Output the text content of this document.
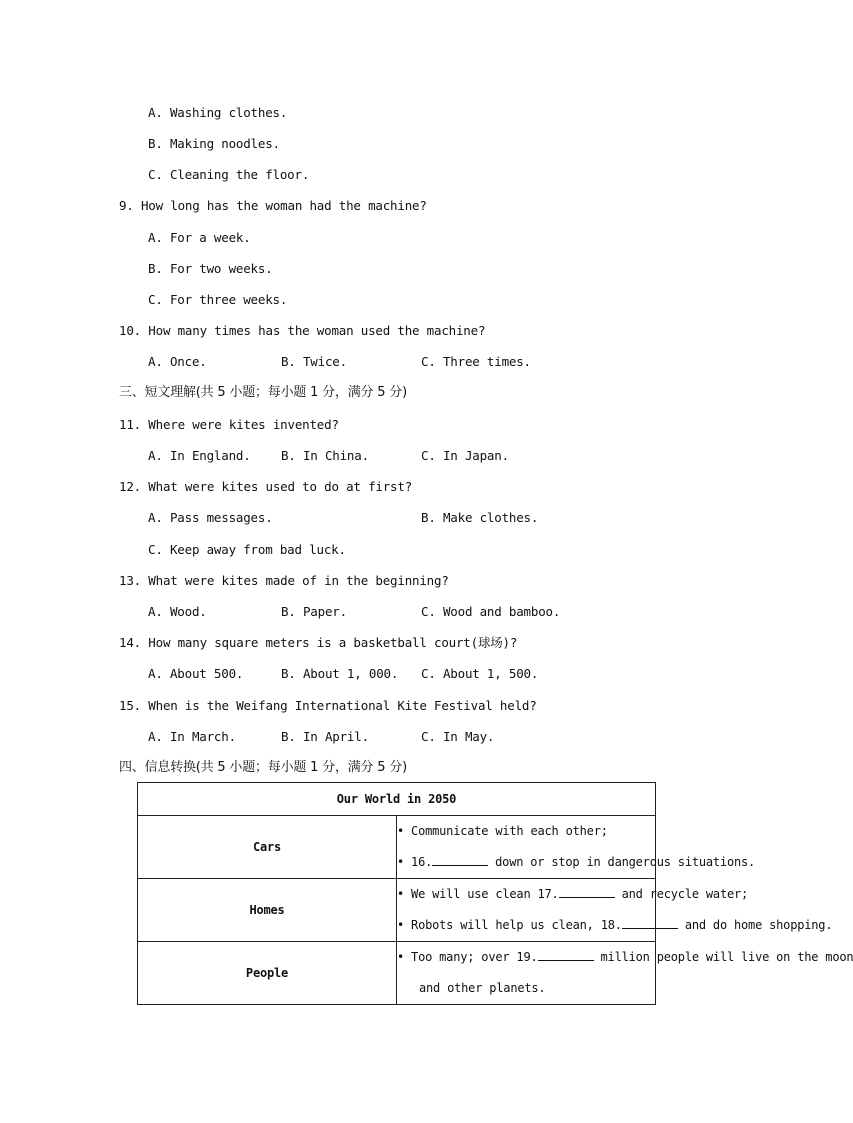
A. Washing clothes.
B. Making noodles.
C. Cleaning the floor.
9. How long has the woman had the machine?
A. For a week.
B. For two weeks.
C. For three weeks.
10. How many times has the woman used the machine?
A. Once.	B. Twice.	C. Three times.
三、短文理解(共 5 小题；每小题 1 分，满分 5 分)
11. Where were kites invented?
A. In England. B. In China.	C. In Japan.
12. What were kites used to do at first?
A. Pass messages.	B. Make clothes.
C. Keep away from bad luck.
13. What were kites made of in the beginning?
A. Wood.	B. Paper.	C. Wood and bamboo.
14. How many square meters is a basketball court(球场)?
A. About 500.	B. About 1, 000. C. About 1, 500.
15. When is the Weifang International Kite Festival held?
A. In March.	B. In April.	C. In May.
四、信息转换(共 5 小题；每小题 1 分，满分 5 分)
Our World in 2050	
Cars	• Communicate with each other;
• 16. down or stop in dangerous situations.

Homes	• We will use clean 17. and recycle water;
• Robots will help us clean, 18. and do home shopping.

People	• Too many; over 19. million people will live on the moon
and other planets.
